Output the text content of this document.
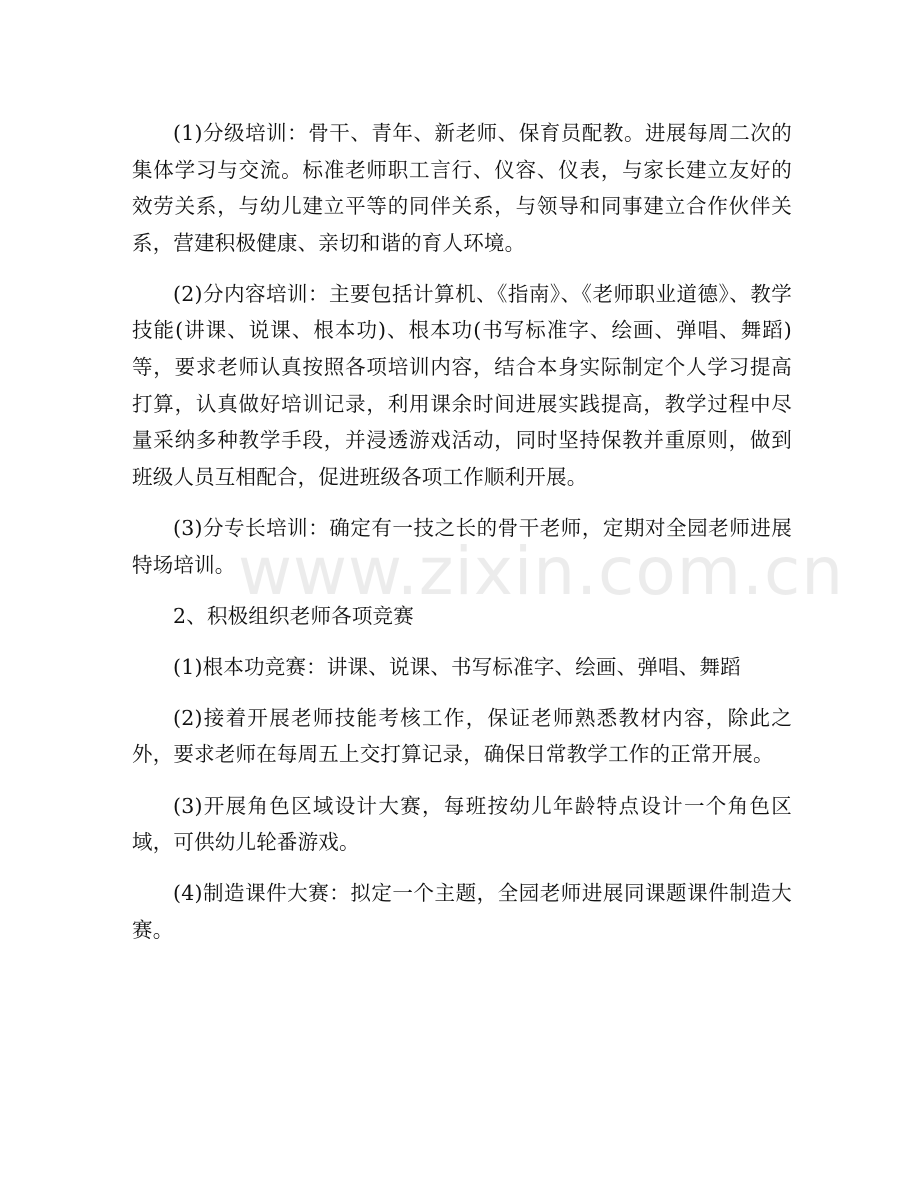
(1)分级培训：骨干、青年、新老师、保育员配教。进展每周二次的集体学习与交流。标准老师职工言行、仪容、仪表，与家长建立友好的效劳关系，与幼儿建立平等的同伴关系，与领导和同事建立合作伙伴关系，营建积极健康、亲切和谐的育人环境。

(2)分内容培训：主要包括计算机、《指南》、《老师职业道德》、教学技能(讲课、说课、根本功)、根本功(书写标准字、绘画、弹唱、舞蹈)等，要求老师认真按照各项培训内容，结合本身实际制定个人学习提高打算，认真做好培训记录，利用课余时间进展实践提高，教学过程中尽量采纳多种教学手段，并浸透游戏活动，同时坚持保教并重原则，做到班级人员互相配合，促进班级各项工作顺利开展。

(3)分专长培训：确定有一技之长的骨干老师，定期对全园老师进展特场培训。

2、积极组织老师各项竞赛

(1)根本功竞赛：讲课、说课、书写标准字、绘画、弹唱、舞蹈

(2)接着开展老师技能考核工作，保证老师熟悉教材内容，除此之外，要求老师在每周五上交打算记录，确保日常教学工作的正常开展。

(3)开展角色区域设计大赛，每班按幼儿年龄特点设计一个角色区域，可供幼儿轮番游戏。

(4)制造课件大赛：拟定一个主题，全园老师进展同课题课件制造大赛。

www.zixin.com.cn
